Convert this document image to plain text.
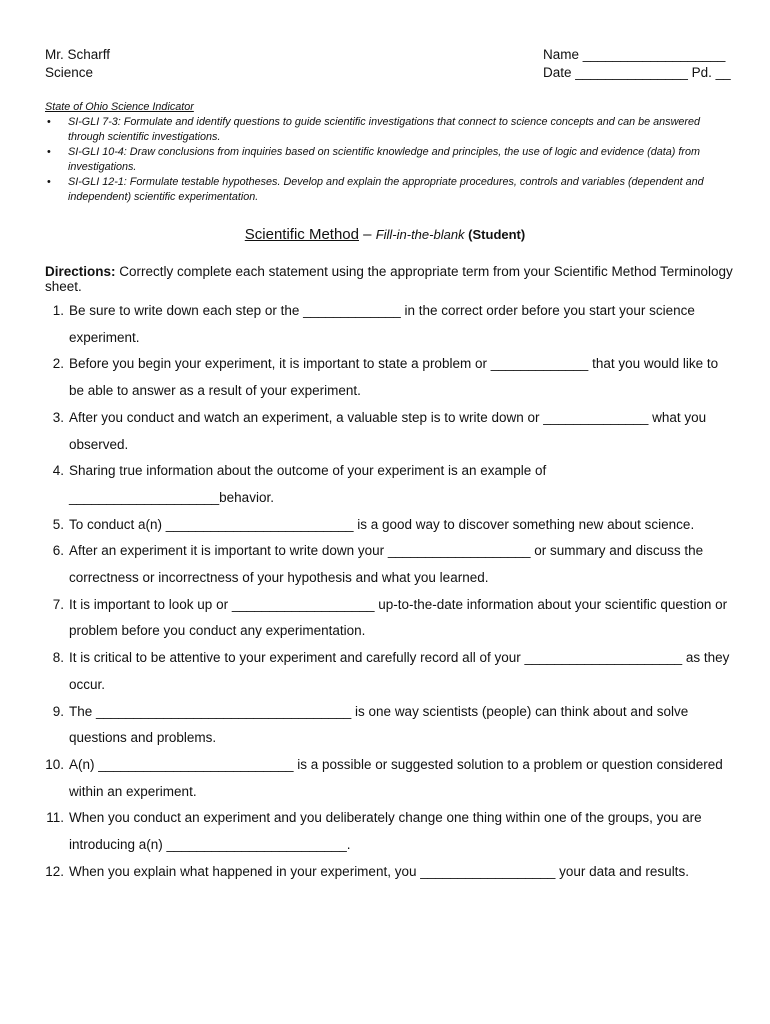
Mr. Scharff
Science
Name ___________________
Date _______________ Pd. __
State of Ohio Science Indicator
• SI-GLI 7-3: Formulate and identify questions to guide scientific investigations that connect to science concepts and can be answered through scientific investigations.
• SI-GLI 10-4: Draw conclusions from inquiries based on scientific knowledge and principles, the use of logic and evidence (data) from investigations.
• SI-GLI 12-1: Formulate testable hypotheses. Develop and explain the appropriate procedures, controls and variables (dependent and independent) scientific experimentation.
Scientific Method – Fill-in-the-blank (Student)
Directions: Correctly complete each statement using the appropriate term from your Scientific Method Terminology sheet.
1. Be sure to write down each step or the _____________ in the correct order before you start your science experiment.
2. Before you begin your experiment, it is important to state a problem or _____________ that you would like to be able to answer as a result of your experiment.
3. After you conduct and watch an experiment, a valuable step is to write down or ______________ what you observed.
4. Sharing true information about the outcome of your experiment is an example of ____________________behavior.
5. To conduct a(n) _________________________ is a good way to discover something new about science.
6. After an experiment it is important to write down your ___________________ or summary and discuss the correctness or incorrectness of your hypothesis and what you learned.
7. It is important to look up or ___________________ up-to-the-date information about your scientific question or problem before you conduct any experimentation.
8. It is critical to be attentive to your experiment and carefully record all of your _____________________ as they occur.
9. The __________________________________ is one way scientists (people) can think about and solve questions and problems.
10. A(n) __________________________ is a possible or suggested solution to a problem or question considered within an experiment.
11. When you conduct an experiment and you deliberately change one thing within one of the groups, you are introducing a(n) ________________________.
12. When you explain what happened in your experiment, you __________________ your data and results.
